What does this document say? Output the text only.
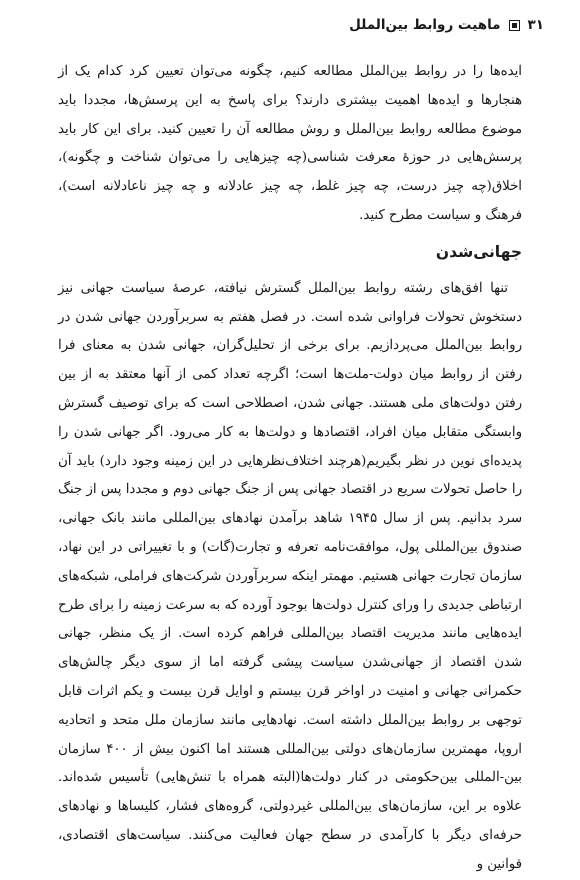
۳۱
ماهیت روابط بین‌الملل

ایده‌ها را در روابط بین‌الملل مطالعه کنیم، چگونه می‌توان تعیین کرد کدام یک از هنجارها و ایده‌ها اهمیت بیشتری دارند؟ برای پاسخ به این پرسش‌ها، مجددا باید موضوع مطالعه روابط بین‌الملل و روش مطالعه آن را تعیین کنید. برای این کار باید پرسش‌هایی در حوزهٔ معرفت شناسی(چه چیزهایی را می‌توان شناخت و چگونه)، اخلاق(چه چیز درست، چه چیز غلط، چه چیز عادلانه و چه چیز ناعادلانه است)، فرهنگ و سیاست مطرح کنید.

جهانی‌شدن

تنها افق‌های رشته روابط بین‌الملل گسترش نیافته، عرصهٔ سیاست جهانی نیز دستخوش تحولات فراوانی شده است. در فصل هفتم به سربرآوردن جهانی شدن در روابط بین‌الملل می‌پردازیم. برای برخی از تحلیل‌گران، جهانی شدن به معنای فرا رفتن از روابط میان دولت-ملت‌ها است؛ اگرچه تعداد کمی از آنها معتقد به از بین رفتن دولت‌های ملی هستند. جهانی شدن، اصطلاحی است که برای توصیف گسترش وابستگی متقابل میان افراد، اقتصادها و دولت‌ها به کار می‌رود. اگر جهانی شدن را پدیده‌ای نوین در نظر بگیریم(هرچند اختلاف‌نظرهایی در این زمینه وجود دارد) باید آن را حاصل تحولات سریع در اقتصاد جهانی پس از جنگ جهانی دوم و مجددا پس از جنگ سرد بدانیم. پس از سال ۱۹۴۵ شاهد برآمدن نهادهای بین‌المللی مانند بانک جهانی، صندوق بین‌المللی پول، موافقت‌نامه تعرفه و تجارت(گات) و با تغییراتی در این نهاد، سازمان تجارت جهانی هستیم. مهمتر اینکه سربرآوردن شرکت‌های فراملی، شبکه‌های ارتباطی جدیدی را ورای کنترل دولت‌ها بوجود آورده که به سرعت زمینه را برای طرح ایده‌هایی مانند مدیریت اقتصاد بین‌المللی فراهم کرده است. از یک منظر، جهانی شدن اقتصاد از جهانی‌شدن سیاست پیشی گرفته اما از سوی دیگر چالش‌های حکمرانی جهانی و امنیت در اواخر قرن بیستم و اوایل قرن بیست و یکم اثرات قابل توجهی بر روابط بین‌الملل داشته است. نهادهایی مانند سازمان ملل متحد و اتحادیه اروپا، مهمترین سازمان‌های دولتی بین‌المللی هستند اما اکنون بیش از ۴۰۰ سازمان بین-المللی بین‌حکومتی در کنار دولت‌ها(البته همراه با تنش‌هایی) تأسیس شده‌اند. علاوه بر این، سازمان‌های بین‌المللی غیردولتی، گروه‌های فشار، کلیساها و نهادهای حرفه‌ای دیگر با کارآمدی در سطح جهان فعالیت می‌کنند. سیاست‌های اقتصادی، قوانین و
